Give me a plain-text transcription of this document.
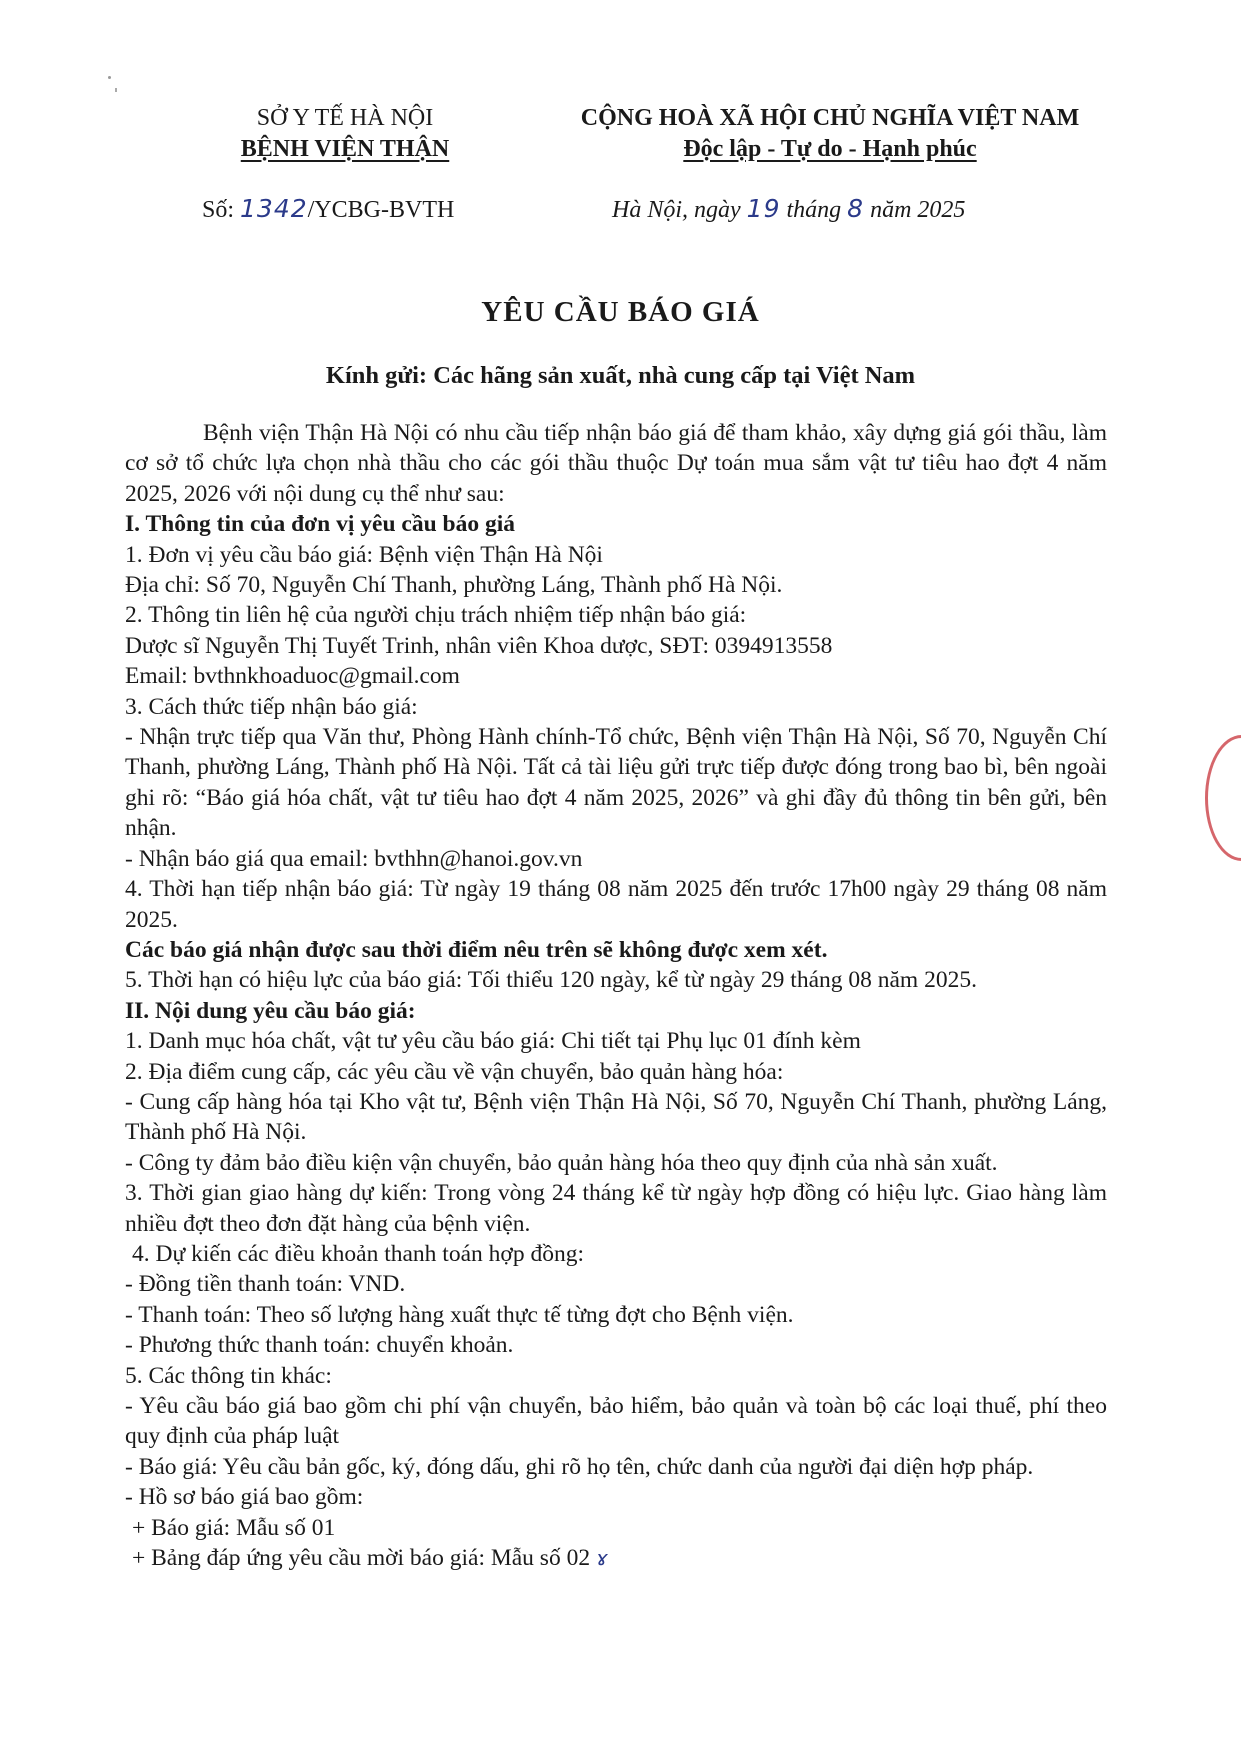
SỞ Y TẾ HÀ NỘI
BỆNH VIỆN THẬN
CỘNG HOÀ XÃ HỘI CHỦ NGHĨA VIỆT NAM
Độc lập - Tự do - Hạnh phúc
Số: 1342/YCBG-BVTH	Hà Nội, ngày 19 tháng 8 năm 2025
YÊU CẦU BÁO GIÁ
Kính gửi: Các hãng sản xuất, nhà cung cấp tại Việt Nam

Bệnh viện Thận Hà Nội có nhu cầu tiếp nhận báo giá để tham khảo, xây dựng giá gói thầu, làm cơ sở tổ chức lựa chọn nhà thầu cho các gói thầu thuộc Dự toán mua sắm vật tư tiêu hao đợt 4 năm 2025, 2026 với nội dung cụ thể như sau:

I. Thông tin của đơn vị yêu cầu báo giá

1. Đơn vị yêu cầu báo giá: Bệnh viện Thận Hà Nội

Địa chỉ: Số 70, Nguyễn Chí Thanh, phường Láng, Thành phố Hà Nội.

2. Thông tin liên hệ của người chịu trách nhiệm tiếp nhận báo giá:

Dược sĩ Nguyễn Thị Tuyết Trinh, nhân viên Khoa dược, SĐT: 0394913558

Email: bvthnkhoaduoc@gmail.com

3. Cách thức tiếp nhận báo giá:

- Nhận trực tiếp qua Văn thư, Phòng Hành chính-Tổ chức, Bệnh viện Thận Hà Nội, Số 70, Nguyễn Chí Thanh, phường Láng, Thành phố Hà Nội. Tất cả tài liệu gửi trực tiếp được đóng trong bao bì, bên ngoài ghi rõ: “Báo giá hóa chất, vật tư tiêu hao đợt 4 năm 2025, 2026” và ghi đầy đủ thông tin bên gửi, bên nhận.

- Nhận báo giá qua email: bvthhn@hanoi.gov.vn

4. Thời hạn tiếp nhận báo giá: Từ ngày 19 tháng 08 năm 2025 đến trước 17h00 ngày 29 tháng 08 năm 2025.

Các báo giá nhận được sau thời điểm nêu trên sẽ không được xem xét.

5. Thời hạn có hiệu lực của báo giá: Tối thiểu 120 ngày, kể từ ngày 29 tháng 08 năm 2025.

II. Nội dung yêu cầu báo giá:

1. Danh mục hóa chất, vật tư yêu cầu báo giá: Chi tiết tại Phụ lục 01 đính kèm

2. Địa điểm cung cấp, các yêu cầu về vận chuyển, bảo quản hàng hóa:

- Cung cấp hàng hóa tại Kho vật tư, Bệnh viện Thận Hà Nội, Số 70, Nguyễn Chí Thanh, phường Láng, Thành phố Hà Nội.

- Công ty đảm bảo điều kiện vận chuyển, bảo quản hàng hóa theo quy định của nhà sản xuất.

3. Thời gian giao hàng dự kiến: Trong vòng 24 tháng kể từ ngày hợp đồng có hiệu lực. Giao hàng làm nhiều đợt theo đơn đặt hàng của bệnh viện.

4. Dự kiến các điều khoản thanh toán hợp đồng:

- Đồng tiền thanh toán: VND.

- Thanh toán: Theo số lượng hàng xuất thực tế từng đợt cho Bệnh viện.

- Phương thức thanh toán: chuyển khoản.

5. Các thông tin khác:

- Yêu cầu báo giá bao gồm chi phí vận chuyển, bảo hiểm, bảo quản và toàn bộ các loại thuế, phí theo quy định của pháp luật

- Báo giá: Yêu cầu bản gốc, ký, đóng dấu, ghi rõ họ tên, chức danh của người đại diện hợp pháp.

- Hồ sơ báo giá bao gồm:

+ Báo giá: Mẫu số 01

+ Bảng đáp ứng yêu cầu mời báo giá: Mẫu số 02 ɤ
